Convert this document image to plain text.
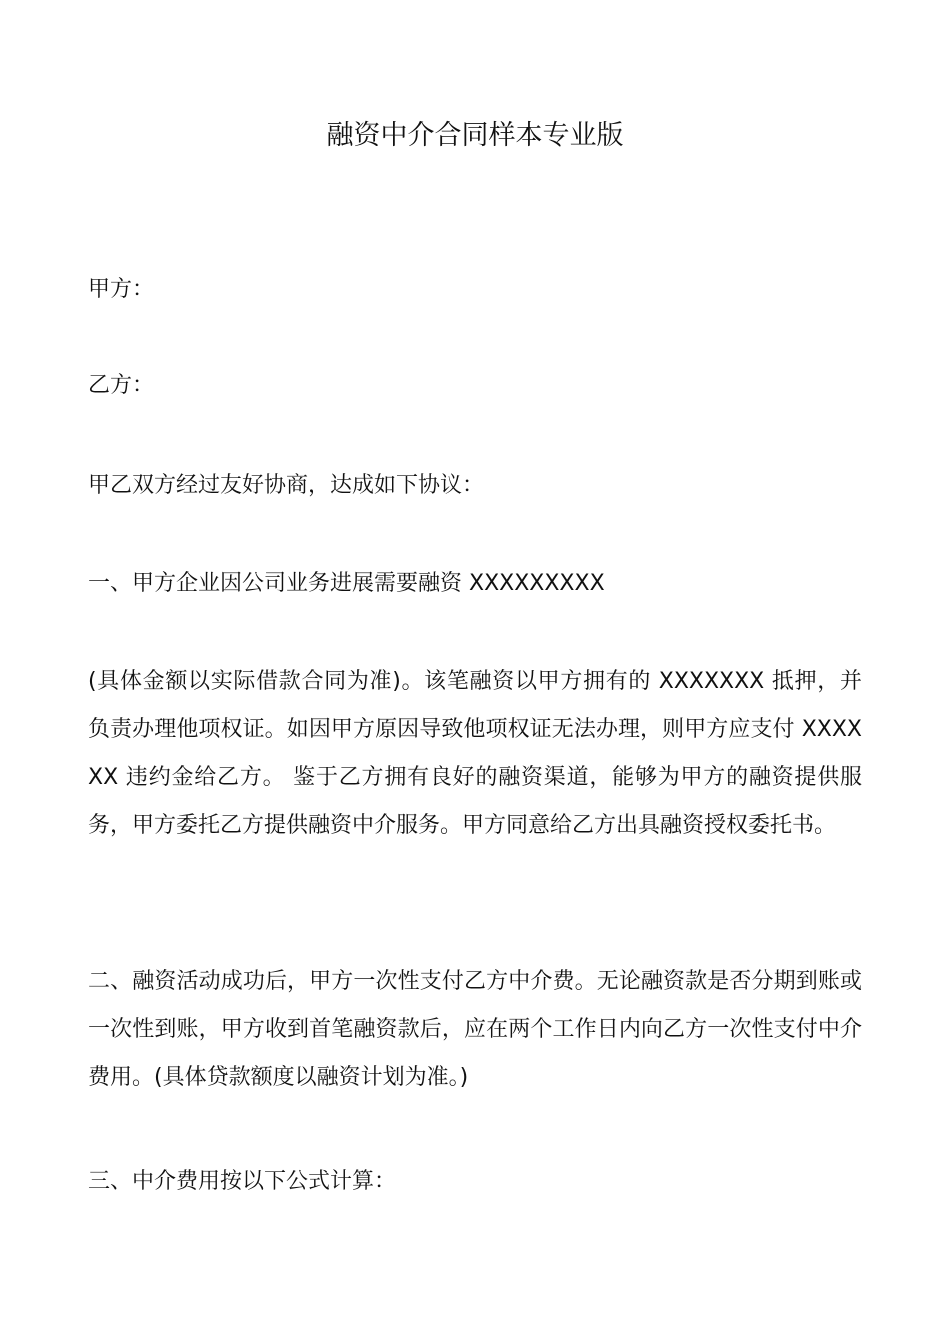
融资中介合同样本专业版

甲方：

乙方：

甲乙双方经过友好协商，达成如下协议：

一、甲方企业因公司业务进展需要融资 XXXXXXXXX

(具体金额以实际借款合同为准)。该笔融资以甲方拥有的 XXXXXXX 抵押，并负责办理他项权证。如因甲方原因导致他项权证无法办理，则甲方应支付 XXXXXX 违约金给乙方。 鉴于乙方拥有良好的融资渠道，能够为甲方的融资提供服务，甲方委托乙方提供融资中介服务。甲方同意给乙方出具融资授权委托书。

二、融资活动成功后，甲方一次性支付乙方中介费。无论融资款是否分期到账或一次性到账，甲方收到首笔融资款后，应在两个工作日内向乙方一次性支付中介费用。(具体贷款额度以融资计划为准。)

三、中介费用按以下公式计算：
